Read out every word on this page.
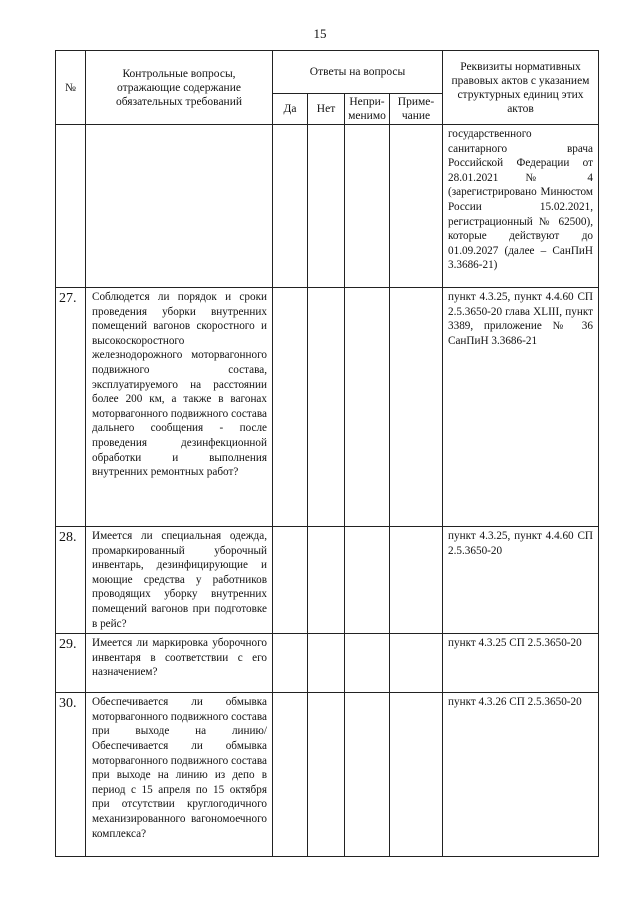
15
№	Контрольные вопросы, отражающие содержание обязательных требований	Ответы на вопросы				Реквизиты нормативных правовых актов с указанием структурных единиц этих актов
		Да	Нет	Непри-менимо	Приме-чание	
						государственного санитарного врача Российской Федерации от 28.01.2021 № 4 (зарегистрировано Минюстом России 15.02.2021, регистрационный № 62500), которые действуют до 01.09.2027 (далее – СанПиН 3.3686-21)
27.	Соблюдется ли порядок и сроки проведения уборки внутренних помещений вагонов скоростного и высокоскоростного железнодорожного моторвагонного подвижного состава, эксплуатируемого на расстоянии более 200 км, а также в вагонах моторвагонного подвижного состава дальнего сообщения - после проведения дезинфекционной обработки и выполнения внутренних ремонтных работ?					пункт 4.3.25, пункт 4.4.60 СП 2.5.3650-20 глава XLIII, пункт 3389, приложение № 36 СанПиН 3.3686-21
28.	Имеется ли специальная одежда, промаркированный уборочный инвентарь, дезинфицирующие и моющие средства у работников проводящих уборку внутренних помещений вагонов при подготовке в рейс?					пункт 4.3.25, пункт 4.4.60 СП 2.5.3650-20
29.	Имеется ли маркировка уборочного инвентаря в соответствии с его назначением?					пункт 4.3.25 СП 2.5.3650-20
30.	Обеспечивается ли обмывка моторвагонного подвижного состава при выходе на линию/ Обеспечивается ли обмывка моторвагонного подвижного состава при выходе на линию из депо в период с 15 апреля по 15 октября при отсутствии круглогодичного механизированного вагономоечного комплекса?					пункт 4.3.26 СП 2.5.3650-20
